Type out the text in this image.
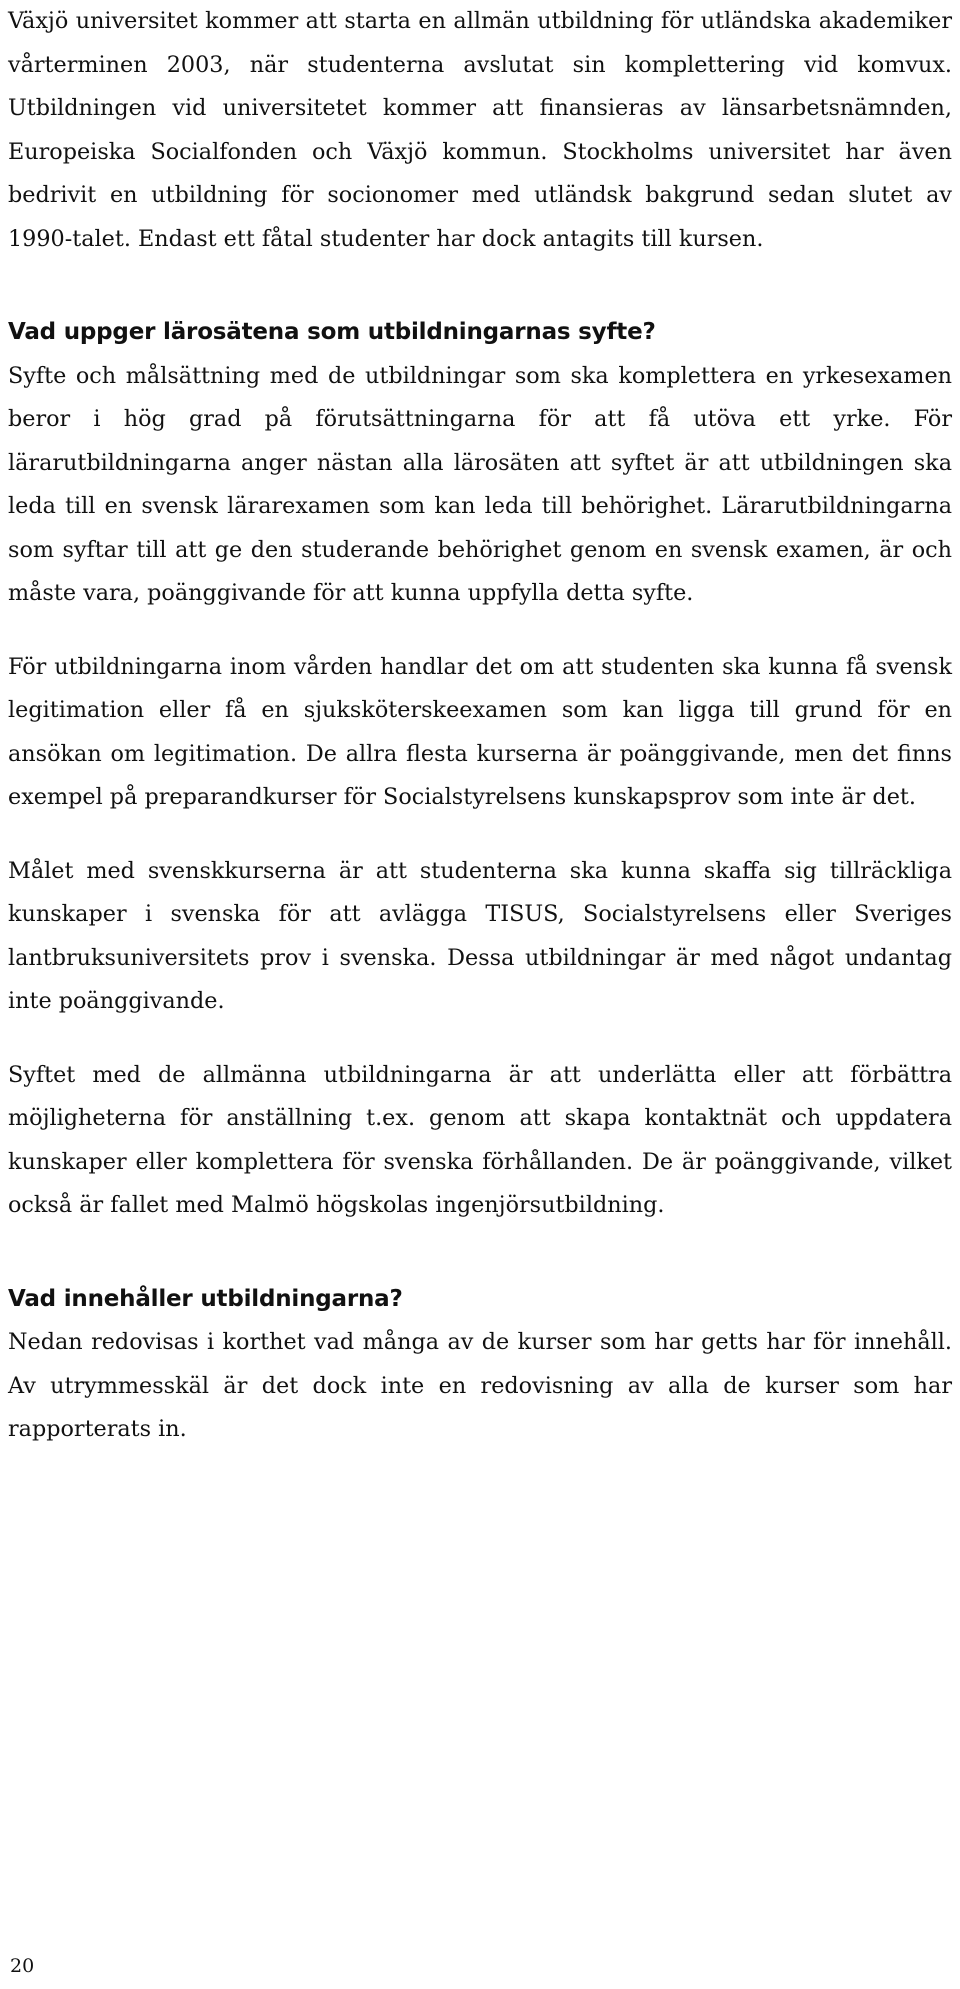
Växjö universitet kommer att starta en allmän utbildning för utländska akademiker vårterminen 2003, när studenterna avslutat sin komplettering vid komvux. Utbildningen vid universitetet kommer att finansieras av länsarbetsnämnden, Europeiska Socialfonden och Växjö kommun. Stockholms universitet har även bedrivit en utbildning för socionomer med utländsk bakgrund sedan slutet av 1990-talet. Endast ett fåtal studenter har dock antagits till kursen.

Vad uppger lärosätena som utbildningarnas syfte?

Syfte och målsättning med de utbildningar som ska komplettera en yrkesexamen beror i hög grad på förutsättningarna för att få utöva ett yrke. För lärarutbildningarna anger nästan alla lärosäten att syftet är att utbildningen ska leda till en svensk lärarexamen som kan leda till behörighet. Lärarutbildningarna som syftar till att ge den studerande behörighet genom en svensk examen, är och måste vara, poänggivande för att kunna uppfylla detta syfte.

För utbildningarna inom vården handlar det om att studenten ska kunna få svensk legitimation eller få en sjuksköterskeexamen som kan ligga till grund för en ansökan om legitimation. De allra flesta kurserna är poänggivande, men det finns exempel på preparandkurser för Socialstyrelsens kunskapsprov som inte är det.

Målet med svenskkurserna är att studenterna ska kunna skaffa sig tillräckliga kunskaper i svenska för att avlägga TISUS, Socialstyrelsens eller Sveriges lantbruksuniversitets prov i svenska. Dessa utbildningar är med något undantag inte poänggivande.

Syftet med de allmänna utbildningarna är att underlätta eller att förbättra möjligheterna för anställning t.ex. genom att skapa kontaktnät och uppdatera kunskaper eller komplettera för svenska förhållanden. De är poänggivande, vilket också är fallet med Malmö högskolas ingenjörsutbildning.

Vad innehåller utbildningarna?

Nedan redovisas i korthet vad många av de kurser som har getts har för innehåll. Av utrymmesskäl är det dock inte en redovisning av alla de kurser som har rapporterats in.

20
